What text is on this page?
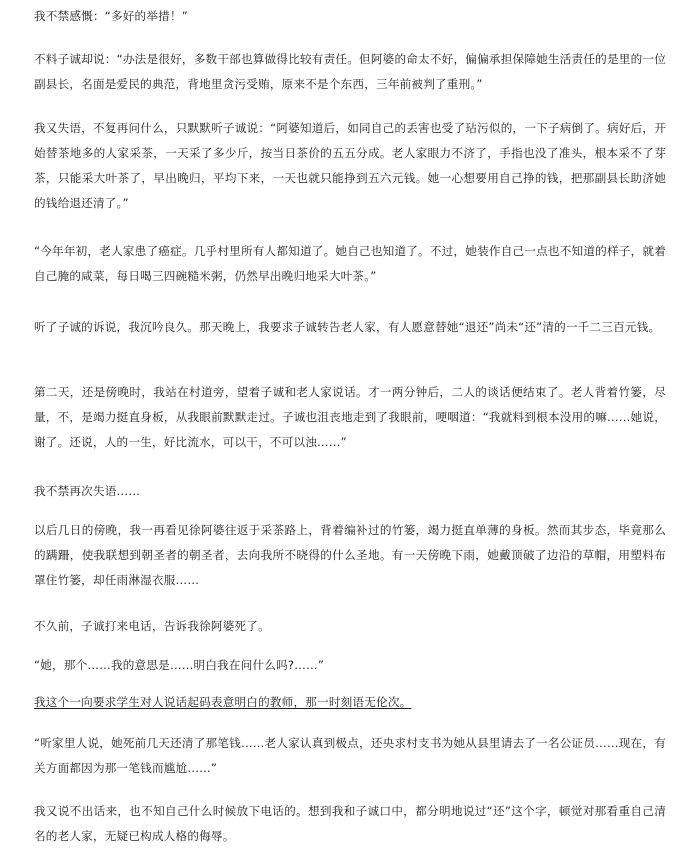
我不禁感慨：“多好的举措！”

不料子诚却说：“办法是很好，多数干部也算做得比较有责任。但阿婆的命太不好，偏偏承担保障她生活责任的是里的一位副县长，名面是爱民的典范，背地里贪污受贿，原来不是个东西，三年前被判了重刑。”

我又失语，不复再问什么，只默默听子诚说：“阿婆知道后，如同自己的丢害也受了玷污似的，一下子病倒了。病好后，开始替茶地多的人家采茶，一天采了多少斤，按当日茶价的五五分成。老人家眼力不济了，手指也没了准头，根本采不了芽茶，只能采大叶茶了，早出晚归，平均下来，一天也就只能挣到五六元钱。她一心想要用自己挣的钱，把那副县长助济她的钱给退还清了。”

“今年年初，老人家患了癌症。几乎村里所有人都知道了。她自己也知道了。不过，她装作自己一点也不知道的样子，就着自己腌的咸菜，每日喝三四碗糙米粥，仍然早出晚归地采大叶茶。”

听了子诚的诉说，我沉吟良久。那天晚上，我要求子诚转告老人家，有人愿意替她“退还”尚未“还”清的一千二三百元钱。

第二天，还是傍晚时，我站在村道旁，望着子诚和老人家说话。才一两分钟后，二人的谈话便结束了。老人背着竹篓，尽量，不，是竭力挺直身板，从我眼前默默走过。子诚也沮丧地走到了我眼前，哽咽道：“我就料到根本没用的嘛……她说，谢了。还说，人的一生，好比流水，可以干，不可以浊……”

我不禁再次失语……

以后几日的傍晚，我一再看见徐阿婆往返于采茶路上，背着编补过的竹篓，竭力挺直单薄的身板。然而其步态，毕竟那么的蹒跚，使我联想到朝圣者的朝圣者，去向我所不晓得的什么圣地。有一天傍晚下雨，她戴顶破了边沿的草帽，用塑料布罩住竹篓，却任雨淋湿衣服……

不久前，子诚打来电话，告诉我徐阿婆死了。

“她，那个……我的意思是……明白我在问什么吗?……”

我这个一向要求学生对人说话起码表意明白的教师，那一时刻语无伦次。

“听家里人说，她死前几天还清了那笔钱……老人家认真到极点，还央求村支书为她从县里请去了一名公证员……现在，有关方面都因为那一笔钱而尴尬……”

我又说不出话来，也不知自己什么时候放下电话的。想到我和子诚口中，都分明地说过“还”这个字，顿觉对那看重自己清名的老人家，无疑已构成人格的侮辱。
